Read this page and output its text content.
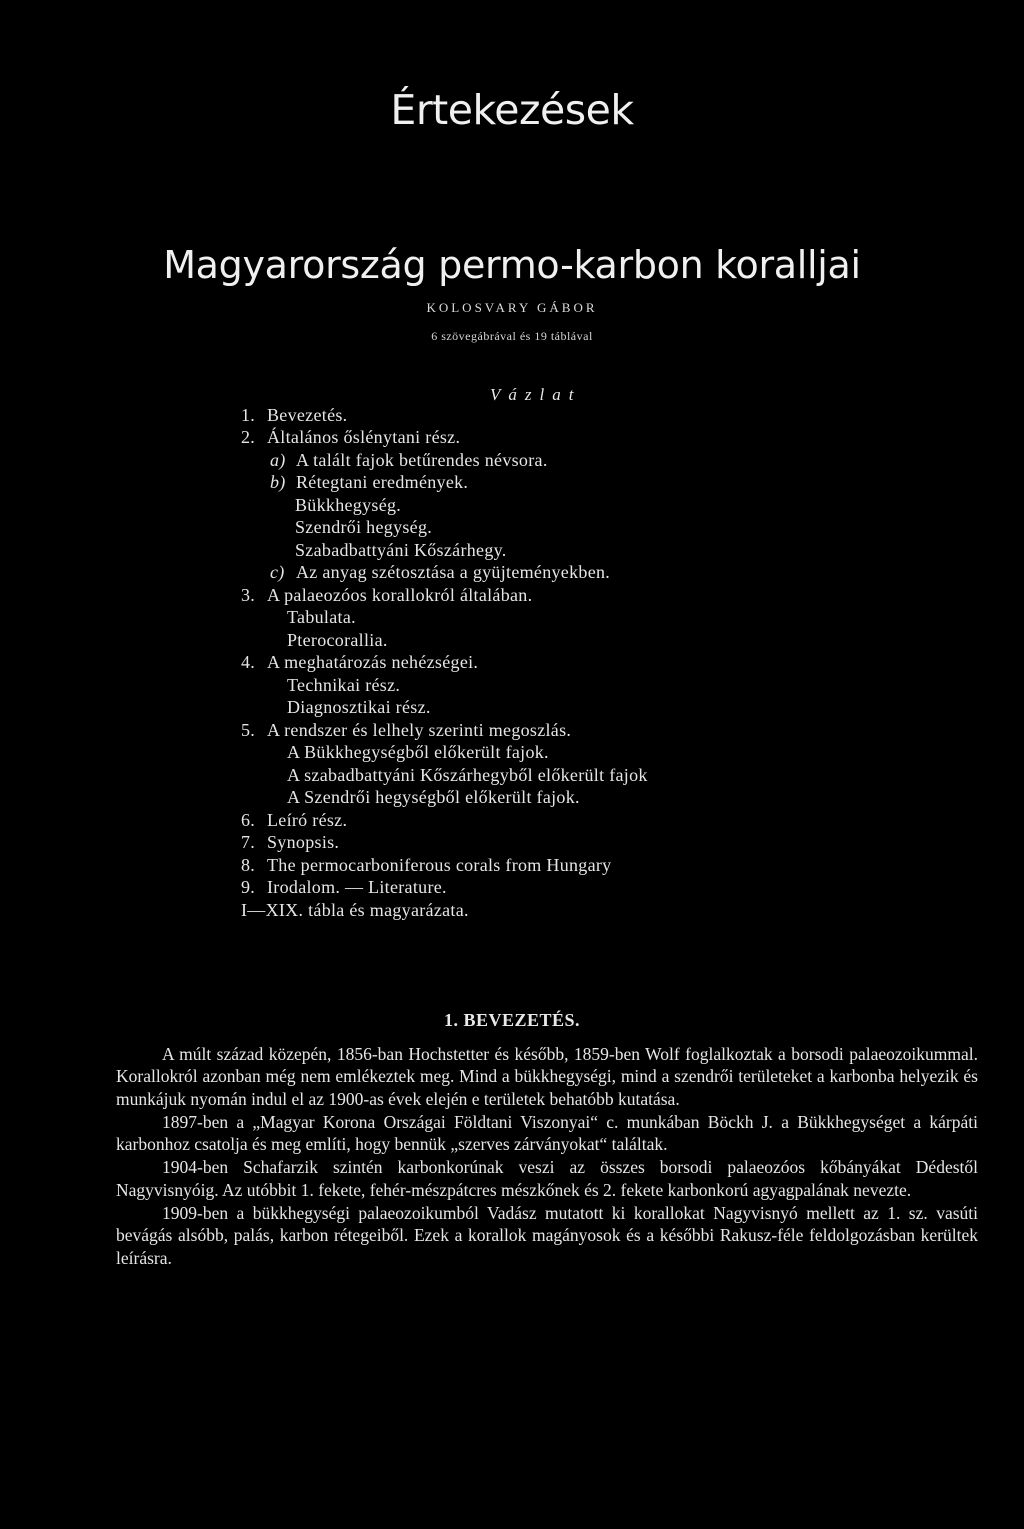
Értekezések
Magyarország permo-karbon koralljai
KOLOSVARY GÁBOR
6 szövegábrával és 19 táblával
Vázlat
1. Bevezetés.
2. Általános őslénytani rész.
a) A talált fajok betűrendes névsora.
b) Rétegtani eredmények.
Bükkhegység.
Szendrői hegység.
Szabadbattyáni Kőszárhegy.
c) Az anyag szétosztása a gyüjteményekben.
3. A palaeozóos korallokról általában.
Tabulata.
Pterocorallia.
4. A meghatározás nehézségei.
Technikai rész.
Diagnosztikai rész.
5. A rendszer és lelhely szerinti megoszlás.
A Bükkhegységből előkerült fajok.
A szabadbattyáni Kőszárhegyből előkerült fajok
A Szendrői hegységből előkerült fajok.
6. Leíró rész.
7. Synopsis.
8. The permocarboniferous corals from Hungary
9. Irodalom. — Literature.
I—XIX. tábla és magyarázata.
1. BEVEZETÉS.

A múlt század közepén, 1856-ban Hochstetter és később, 1859-ben Wolf foglalkoztak a borsodi palaeozoikummal. Korallokról azonban még nem emlékeztek meg. Mind a bükkhegységi, mind a szendrői területeket a karbonba helyezik és munkájuk nyomán indul el az 1900-as évek elején e területek behatóbb kutatása.

1897-ben a „Magyar Korona Országai Földtani Viszonyai“ c. munkában Böckh J. a Bükkhegységet a kárpáti karbonhoz csatolja és meg említi, hogy bennük „szerves zárványokat“ találtak.

1904-ben Schafarzik szintén karbonkorúnak veszi az összes borsodi palaeozóos kőbányákat Dédestől Nagyvisnyóig. Az utóbbit 1. fekete, fehér-mészpátcres mészkőnek és 2. fekete karbonkorú agyagpalának nevezte.

1909-ben a bükkhegységi palaeozoikumból Vadász mutatott ki korallokat Nagyvisnyó mellett az 1. sz. vasúti bevágás alsóbb, palás, karbon rétegeiből. Ezek a korallok magányosok és a későbbi Rakusz-féle feldolgozásban kerültek leírásra.
